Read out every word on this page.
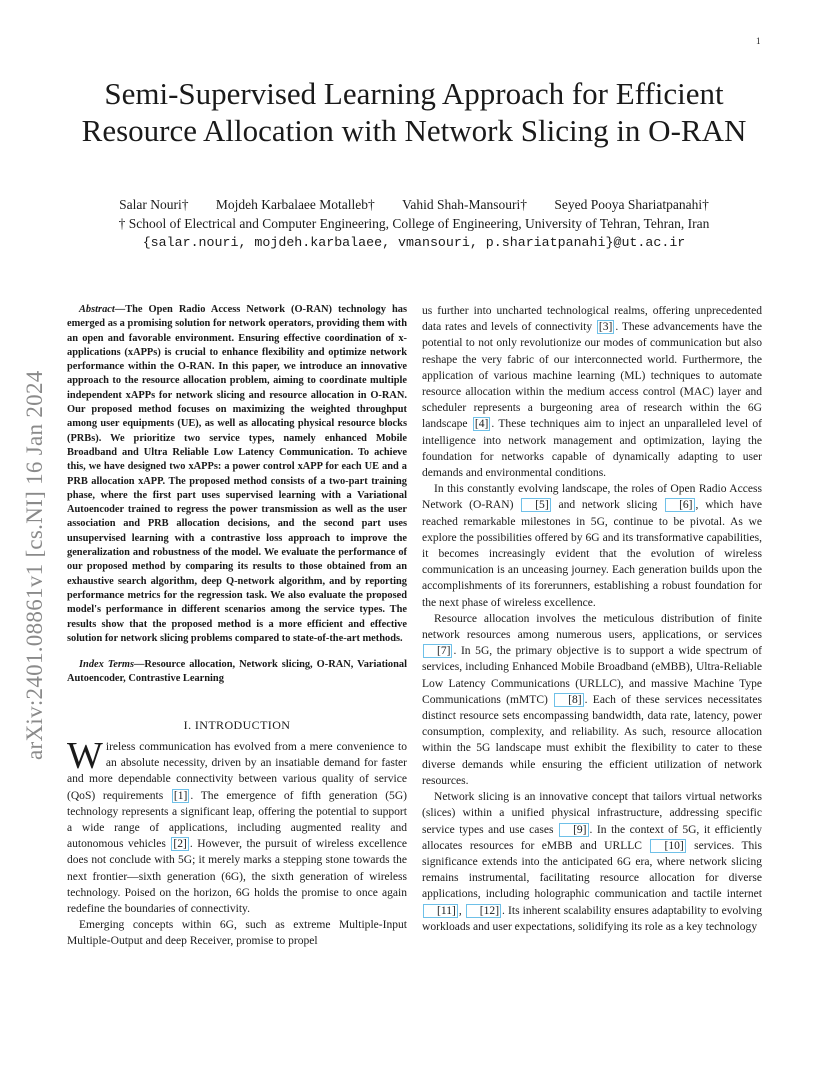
1
arXiv:2401.08861v1 [cs.NI] 16 Jan 2024
Semi-Supervised Learning Approach for Efficient Resource Allocation with Network Slicing in O-RAN
Salar Nouri† Mojdeh Karbalaee Motalleb† Vahid Shah-Mansouri† Seyed Pooya Shariatpanahi†
† School of Electrical and Computer Engineering, College of Engineering, University of Tehran, Tehran, Iran
{salar.nouri, mojdeh.karbalaee, vmansouri, p.shariatpanahi}@ut.ac.ir

Abstract—The Open Radio Access Network (O-RAN) technology has emerged as a promising solution for network operators, providing them with an open and favorable environment. Ensuring effective coordination of x-applications (xAPPs) is crucial to enhance flexibility and optimize network performance within the O-RAN. In this paper, we introduce an innovative approach to the resource allocation problem, aiming to coordinate multiple independent xAPPs for network slicing and resource allocation in O-RAN. Our proposed method focuses on maximizing the weighted throughput among user equipments (UE), as well as allocating physical resource blocks (PRBs). We prioritize two service types, namely enhanced Mobile Broadband and Ultra Reliable Low Latency Communication. To achieve this, we have designed two xAPPs: a power control xAPP for each UE and a PRB allocation xAPP. The proposed method consists of a two-part training phase, where the first part uses supervised learning with a Variational Autoencoder trained to regress the power transmission as well as the user association and PRB allocation decisions, and the second part uses unsupervised learning with a contrastive loss approach to improve the generalization and robustness of the model. We evaluate the performance of our proposed method by comparing its results to those obtained from an exhaustive search algorithm, deep Q-network algorithm, and by reporting performance metrics for the regression task. We also evaluate the proposed model's performance in different scenarios among the service types. The results show that the proposed method is a more efficient and effective solution for network slicing problems compared to state-of-the-art methods.

Index Terms—Resource allocation, Network slicing, O-RAN, Variational Autoencoder, Contrastive Learning

I. INTRODUCTION

Wireless communication has evolved from a mere convenience to an absolute necessity, driven by an insatiable demand for faster and more dependable connectivity between various quality of service (QoS) requirements [1] . The emergence of fifth generation (5G) technology represents a significant leap, offering the potential to support a wide range of applications, including augmented reality and autonomous vehicles [2] . However, the pursuit of wireless excellence does not conclude with 5G; it merely marks a stepping stone towards the next frontier—sixth generation (6G), the sixth generation of wireless technology. Poised on the horizon, 6G holds the promise to once again redefine the boundaries of connectivity.

Emerging concepts within 6G, such as extreme Multiple-Input Multiple-Output and deep Receiver, promise to propel

us further into uncharted technological realms, offering unprecedented data rates and levels of connectivity [3] . These advancements have the potential to not only revolutionize our modes of communication but also reshape the very fabric of our interconnected world. Furthermore, the application of various machine learning (ML) techniques to automate resource allocation within the medium access control (MAC) layer and scheduler represents a burgeoning area of research within the 6G landscape [4] . These techniques aim to inject an unparalleled level of intelligence into network management and optimization, laying the foundation for networks capable of dynamically adapting to user demands and environmental conditions.

In this constantly evolving landscape, the roles of Open Radio Access Network (O-RAN) [5] and network slicing [6] , which have reached remarkable milestones in 5G, continue to be pivotal. As we explore the possibilities offered by 6G and its transformative capabilities, it becomes increasingly evident that the evolution of wireless communication is an unceasing journey. Each generation builds upon the accomplishments of its forerunners, establishing a robust foundation for the next phase of wireless excellence.

Resource allocation involves the meticulous distribution of finite network resources among numerous users, applications, or services [7] . In 5G, the primary objective is to support a wide spectrum of services, including Enhanced Mobile Broadband (eMBB), Ultra-Reliable Low Latency Communications (URLLC), and massive Machine Type Communications (mMTC) [8] . Each of these services necessitates distinct resource sets encompassing bandwidth, data rate, latency, power consumption, complexity, and reliability. As such, resource allocation within the 5G landscape must exhibit the flexibility to cater to these diverse demands while ensuring the efficient utilization of network resources.

Network slicing is an innovative concept that tailors virtual networks (slices) within a unified physical infrastructure, addressing specific service types and use cases [9] . In the context of 5G, it efficiently allocates resources for eMBB and URLLC [10] services. This significance extends into the anticipated 6G era, where network slicing remains instrumental, facilitating resource allocation for diverse applications, including holographic communication and tactile internet [11] , [12] . Its inherent scalability ensures adaptability to evolving workloads and user expectations, solidifying its role as a key technology
